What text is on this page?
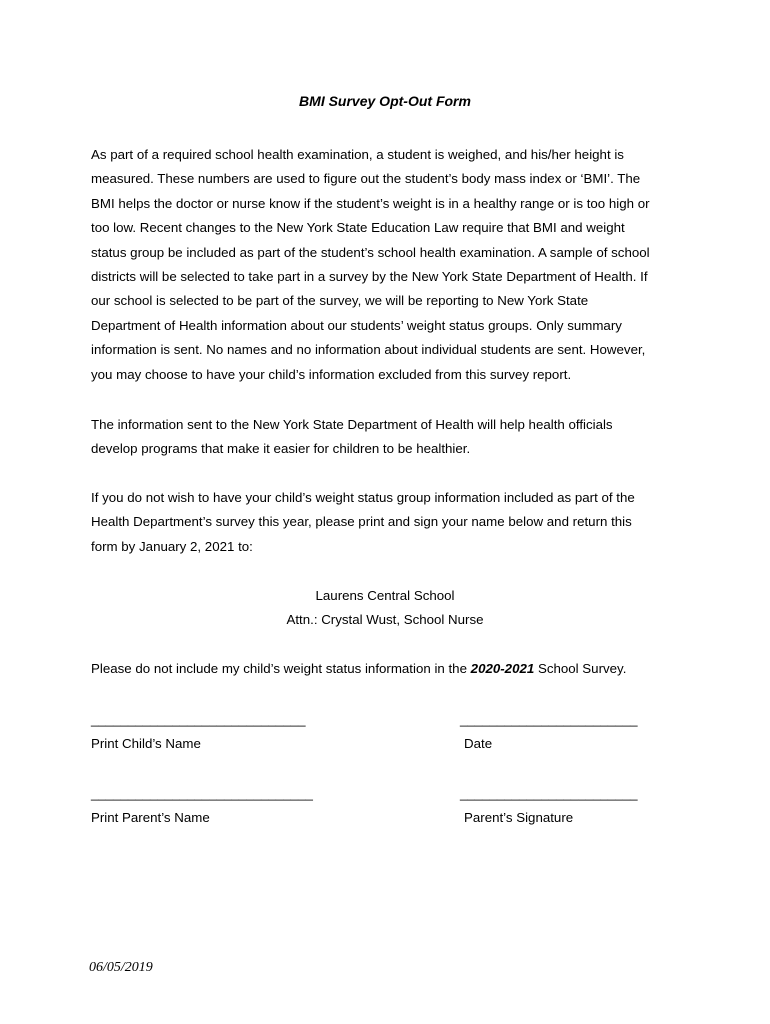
BMI Survey Opt-Out Form
As part of a required school health examination, a student is weighed, and his/her height is
measured. These numbers are used to figure out the student’s body mass index or ‘BMI’. The
BMI helps the doctor or nurse know if the student’s weight is in a healthy range or is too high or
too low. Recent changes to the New York State Education Law require that BMI and weight
status group be included as part of the student’s school health examination. A sample of school
districts will be selected to take part in a survey by the New York State Department of Health. If
our school is selected to be part of the survey, we will be reporting to New York State
Department of Health information about our students’ weight status groups. Only summary
information is sent. No names and no information about individual students are sent. However,
you may choose to have your child’s information excluded from this survey report.
The information sent to the New York State Department of Health will help health officials
develop programs that make it easier for children to be healthier.
If you do not wish to have your child’s weight status group information included as part of the
Health Department’s survey this year, please print and sign your name below and return this
form by January 2, 2021 to:
Laurens Central School
Attn.: Crystal Wust, School Nurse
Please do not include my child’s weight status information in the 2020-2021 School Survey.
_____________________________	________________________
Print Child’s Name	Date
______________________________	________________________
Print Parent’s Name	Parent’s Signature
06/05/2019
